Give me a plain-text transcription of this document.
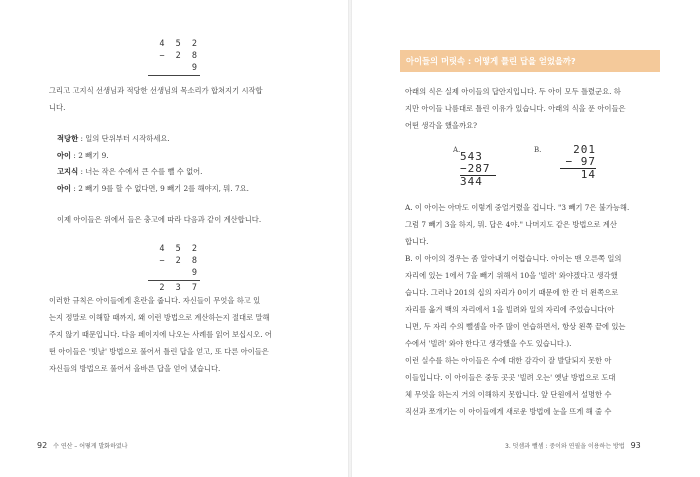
4 5 2
− 2 8 9
그리고 고지식 선생님과 적당한 선생님의 목소리가 합쳐지기 시작합
니다.
적당한 : 일의 단위부터 시작하세요.
아이 : 2 빼기 9.
고지식 : 너는 작은 수에서 큰 수를 뺄 수 없어.
아이 : 2 빼기 9를 할 수 없다면, 9 빼기 2를 해야지, 뭐. 7요.
이제 아이들은 위에서 들은 충고에 따라 다음과 같이 계산합니다.
4 5 2
− 2 8 9
2 3 7
이러한 규칙은 아이들에게 혼란을 줍니다. 자신들이 무엇을 하고 있
는지 정말로 이해할 때까지, 왜 이런 방법으로 계산하는지 절대로 말해
주지 않기 때문입니다. 다음 페이지에 나오는 사례를 읽어 보십시오. 어
떤 아이들은 '빗날' 방법으로 풀어서 틀린 답을 얻고, 또 다른 아이들은
자신들의 방법으로 풀어서 올바른 답을 얻어 냈습니다.
92 수 연산 – 어떻게 발화하였나
아이들의 머릿속 : 어떻게 틀린 답을 얻었을까?
아래의 식은 실제 아이들의 답안지입니다. 두 아이 모두 틀렸군요. 하
지만 아이들 나름대로 틀린 이유가 있습니다. 아래의 식을 푼 아이들은
어떤 생각을 했을까요?
A. 543
−287
344
B.	201
− 97
14
A. 이 아이는 아마도 이렇게 중얼거렸을 겁니다. "3 빼기 7은 불가능해.
그럼 7 빼기 3을 하지, 뭐. 답은 4야." 나머지도 같은 방법으로 계산
합니다.
B. 이 아이의 경우는 좀 알아내기 어렵습니다. 아이는 맨 오른쪽 일의
자리에 있는 1에서 7을 빼기 위해서 10을 '빌려' 와야겠다고 생각했
습니다. 그러나 201의 십의 자리가 0이기 때문에 한 칸 더 왼쪽으로
자리를 옮겨 백의 자리에서 1을 빌려와 일의 자리에 주었습니다(아
니면, 두 자리 수의 뺄셈을 아주 많이 연습하면서, 항상 왼쪽 끝에 있는
수에서 '빌려' 와야 한다고 생각했을 수도 있습니다.).
이런 실수를 하는 아이들은 수에 대한 감각이 잘 발달되지 못한 아
이들입니다. 이 아이들은 중동 곳곳 '빌려 오는' 옛날 방법으로 도대
체 무엇을 하는지 거의 이해하지 못합니다. 앞 단원에서 설명한 수
직선과 쪼개기는 이 아이들에게 새로운 방법에 눈을 뜨게 해 줄 수
3. 덧셈과 뺄셈 : 중이와 연필을 이용하는 방법 93
